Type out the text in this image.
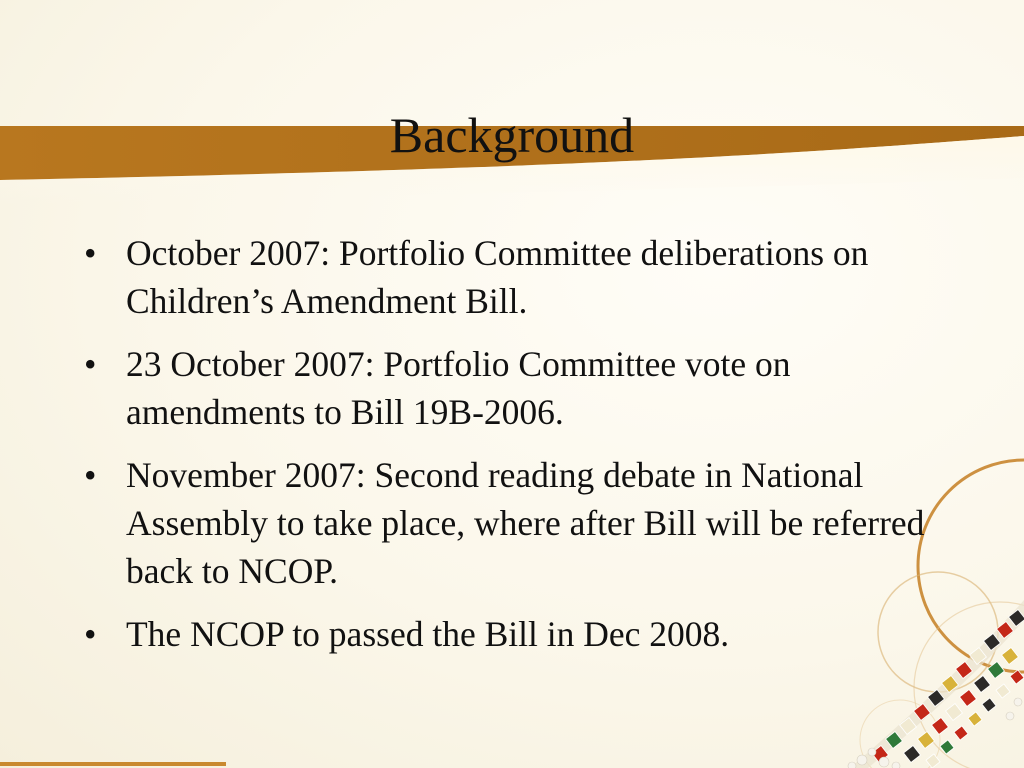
Background
• October 2007: Portfolio Committee deliberations on Children’s Amendment Bill.
• 23 October 2007: Portfolio Committee vote on amendments to Bill 19B-2006.
• November 2007: Second reading debate in National Assembly to take place, where after Bill will be referred back to NCOP.
• The NCOP to passed the Bill in Dec 2008.
